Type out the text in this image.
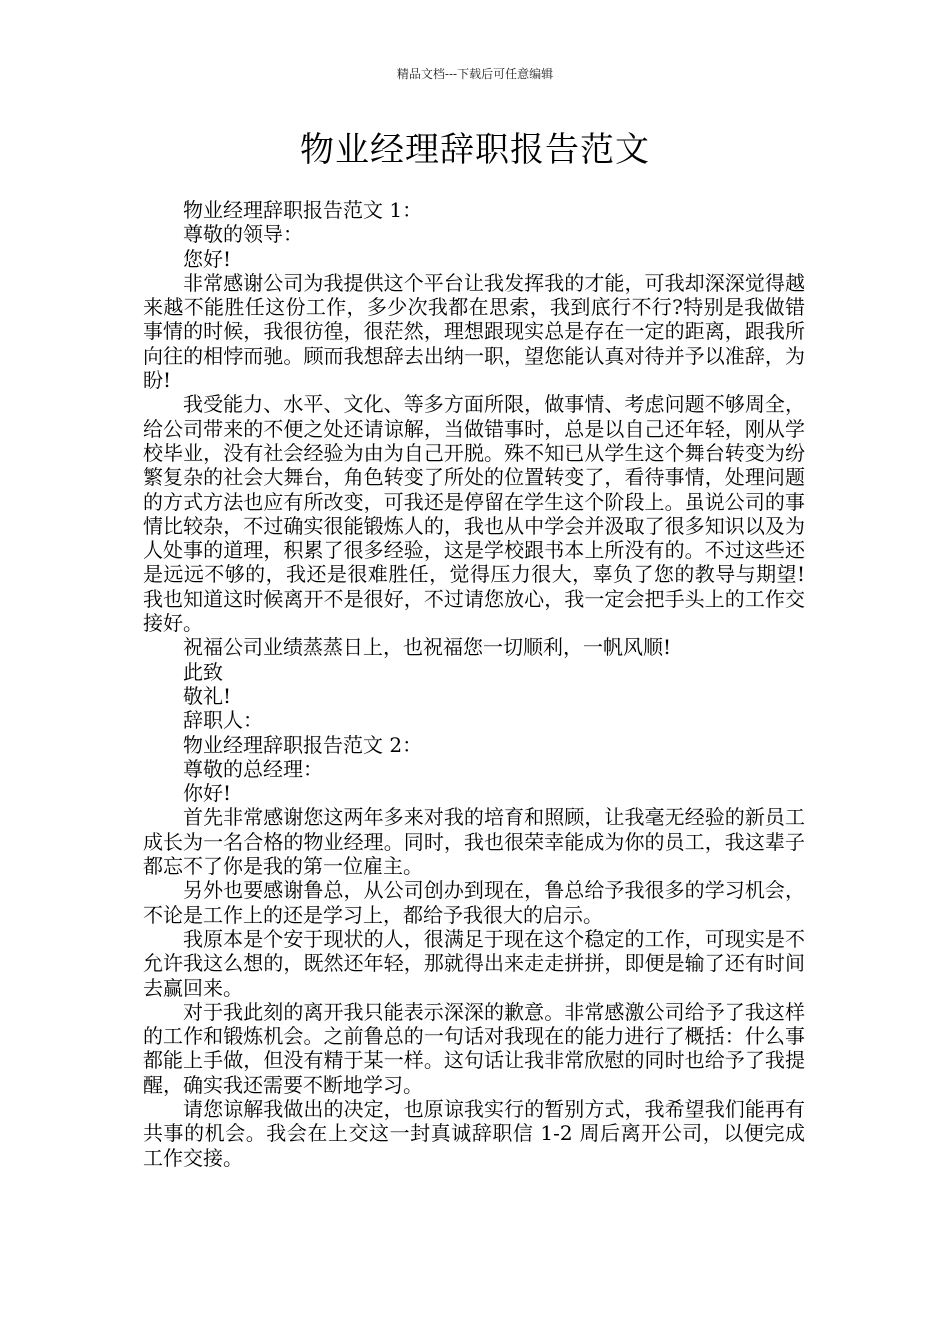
精品文档---下载后可任意编辑
物业经理辞职报告范文

物业经理辞职报告范文 1：

尊敬的领导：

您好!

非常感谢公司为我提供这个平台让我发挥我的才能，可我却深深觉得越来越不能胜任这份工作，多少次我都在思索，我到底行不行?特别是我做错事情的时候，我很彷徨，很茫然，理想跟现实总是存在一定的距离，跟我所向往的相悖而驰。顾而我想辞去出纳一职，望您能认真对待并予以准辞，为盼!

我受能力、水平、文化、等多方面所限，做事情、考虑问题不够周全，给公司带来的不便之处还请谅解，当做错事时，总是以自己还年轻，刚从学校毕业，没有社会经验为由为自己开脱。殊不知已从学生这个舞台转变为纷繁复杂的社会大舞台，角色转变了所处的位置转变了，看待事情，处理问题的方式方法也应有所改变，可我还是停留在学生这个阶段上。虽说公司的事情比较杂，不过确实很能锻炼人的，我也从中学会并汲取了很多知识以及为人处事的道理，积累了很多经验，这是学校跟书本上所没有的。不过这些还是远远不够的，我还是很难胜任，觉得压力很大，辜负了您的教导与期望!我也知道这时候离开不是很好，不过请您放心，我一定会把手头上的工作交接好。

祝福公司业绩蒸蒸日上，也祝福您一切顺利，一帆风顺!

此致

敬礼!

辞职人：

物业经理辞职报告范文 2：

尊敬的总经理：

你好!

首先非常感谢您这两年多来对我的培育和照顾，让我毫无经验的新员工成长为一名合格的物业经理。同时，我也很荣幸能成为你的员工，我这辈子都忘不了你是我的第一位雇主。

另外也要感谢鲁总，从公司创办到现在，鲁总给予我很多的学习机会，不论是工作上的还是学习上，都给予我很大的启示。

我原本是个安于现状的人，很满足于现在这个稳定的工作，可现实是不允许我这么想的，既然还年轻，那就得出来走走拼拼，即便是输了还有时间去赢回来。

对于我此刻的离开我只能表示深深的歉意。非常感激公司给予了我这样的工作和锻炼机会。之前鲁总的一句话对我现在的能力进行了概括：什么事都能上手做，但没有精于某一样。这句话让我非常欣慰的同时也给予了我提醒，确实我还需要不断地学习。

请您谅解我做出的决定，也原谅我实行的暂别方式，我希望我们能再有共事的机会。我会在上交这一封真诚辞职信 1-2 周后离开公司，以便完成工作交接。
